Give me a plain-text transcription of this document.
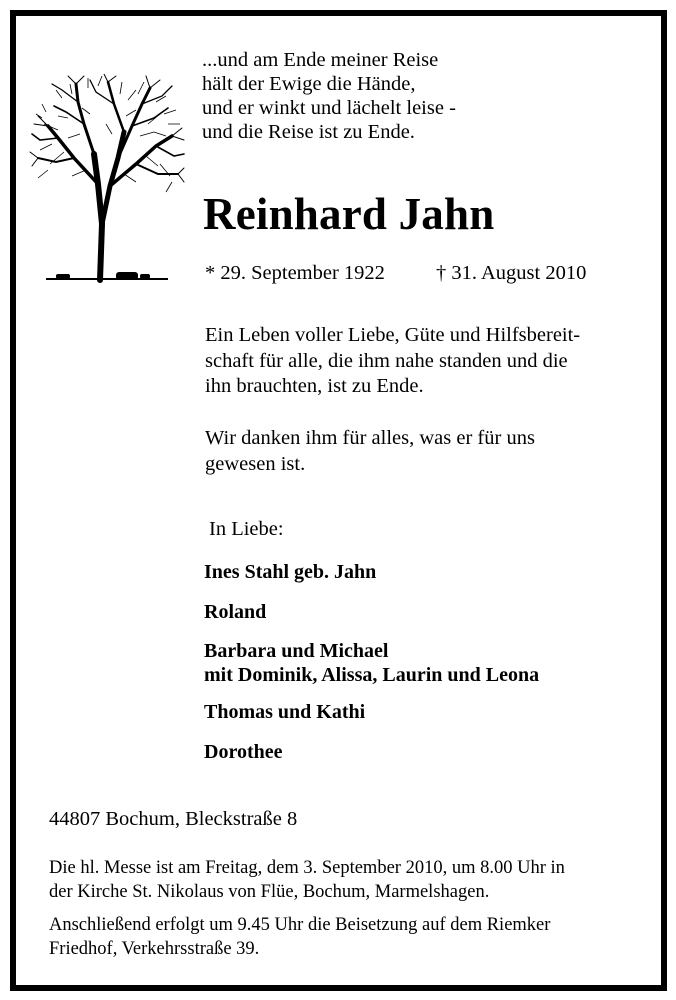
...und am Ende meiner Reise
hält der Ewige die Hände,
und er winkt und lächelt leise -
und die Reise ist zu Ende.
Reinhard Jahn
* 29. September 1922 † 31. August 2010
Ein Leben voller Liebe, Güte und Hilfsbereit-
schaft für alle, die ihm nahe standen und die
ihn brauchten, ist zu Ende.
Wir danken ihm für alles, was er für uns
gewesen ist.
In Liebe:
Ines Stahl geb. Jahn
Roland
Barbara und Michael
mit Dominik, Alissa, Laurin und Leona
Thomas und Kathi
Dorothee
44807 Bochum, Bleckstraße 8
Die hl. Messe ist am Freitag, dem 3. September 2010, um 8.00 Uhr in
der Kirche St. Nikolaus von Flüe, Bochum, Marmelshagen.
Anschließend erfolgt um 9.45 Uhr die Beisetzung auf dem Riemker
Friedhof, Verkehrsstraße 39.
